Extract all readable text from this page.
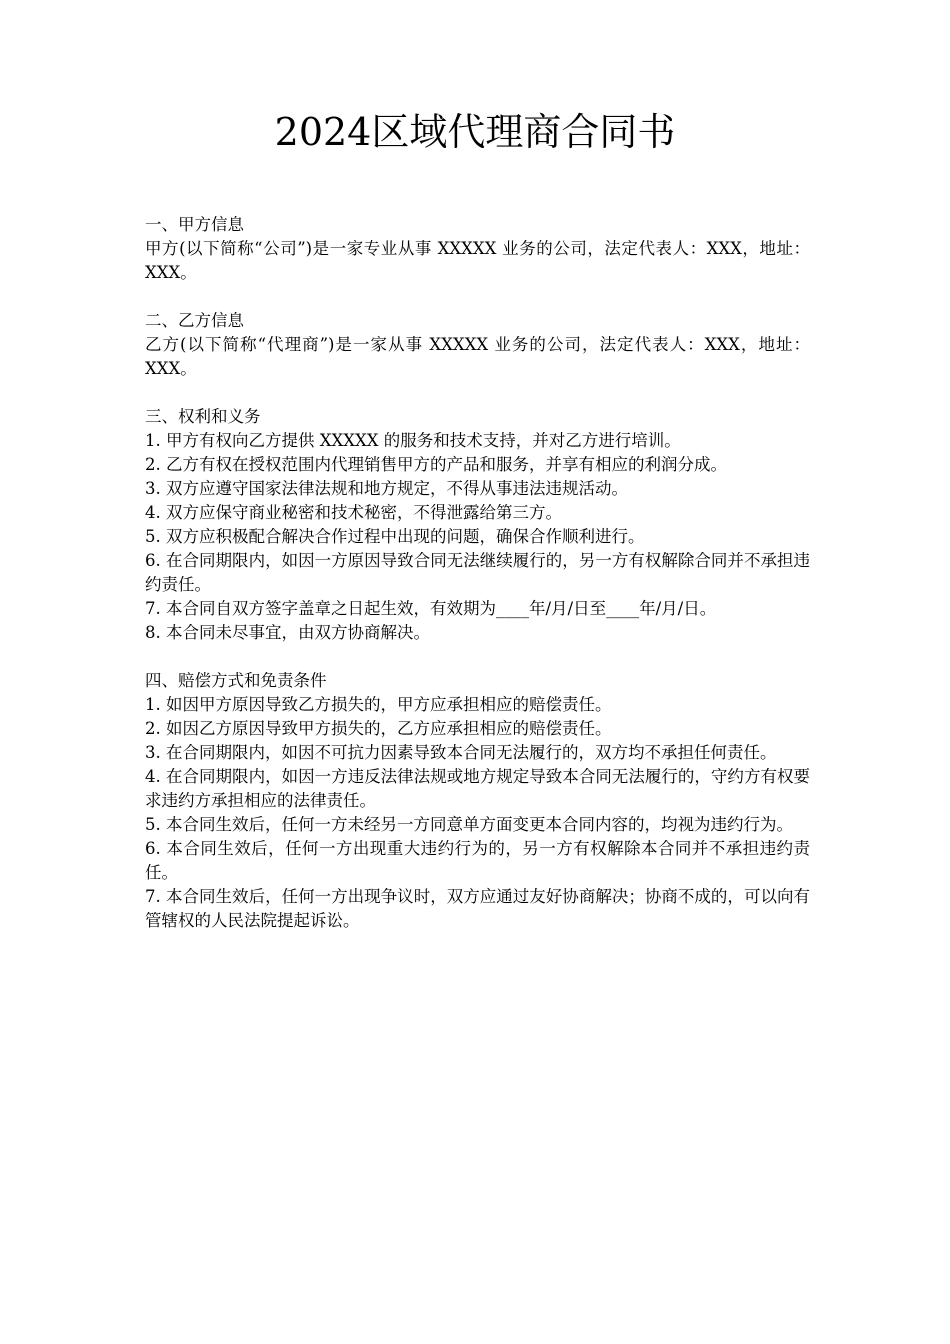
2024区域代理商合同书
一、甲方信息
甲方(以下简称“公司”)是一家专业从事 XXXXX 业务的公司，法定代表人：XXX，地址：XXX。
二、乙方信息
乙方(以下简称“代理商”)是一家从事 XXXXX 业务的公司，法定代表人：XXX，地址：XXX。
三、权利和义务
1. 甲方有权向乙方提供 XXXXX 的服务和技术支持，并对乙方进行培训。
2. 乙方有权在授权范围内代理销售甲方的产品和服务，并享有相应的利润分成。
3. 双方应遵守国家法律法规和地方规定，不得从事违法违规活动。
4. 双方应保守商业秘密和技术秘密，不得泄露给第三方。
5. 双方应积极配合解决合作过程中出现的问题，确保合作顺利进行。
6. 在合同期限内，如因一方原因导致合同无法继续履行的，另一方有权解除合同并不承担违约责任。
7. 本合同自双方签字盖章之日起生效，有效期为____年/月/日至____年/月/日。
8. 本合同未尽事宜，由双方协商解决。
四、赔偿方式和免责条件
1. 如因甲方原因导致乙方损失的，甲方应承担相应的赔偿责任。
2. 如因乙方原因导致甲方损失的，乙方应承担相应的赔偿责任。
3. 在合同期限内，如因不可抗力因素导致本合同无法履行的，双方均不承担任何责任。
4. 在合同期限内，如因一方违反法律法规或地方规定导致本合同无法履行的，守约方有权要求违约方承担相应的法律责任。
5. 本合同生效后，任何一方未经另一方同意单方面变更本合同内容的，均视为违约行为。
6. 本合同生效后，任何一方出现重大违约行为的，另一方有权解除本合同并不承担违约责任。
7. 本合同生效后，任何一方出现争议时，双方应通过友好协商解决；协商不成的，可以向有管辖权的人民法院提起诉讼。
